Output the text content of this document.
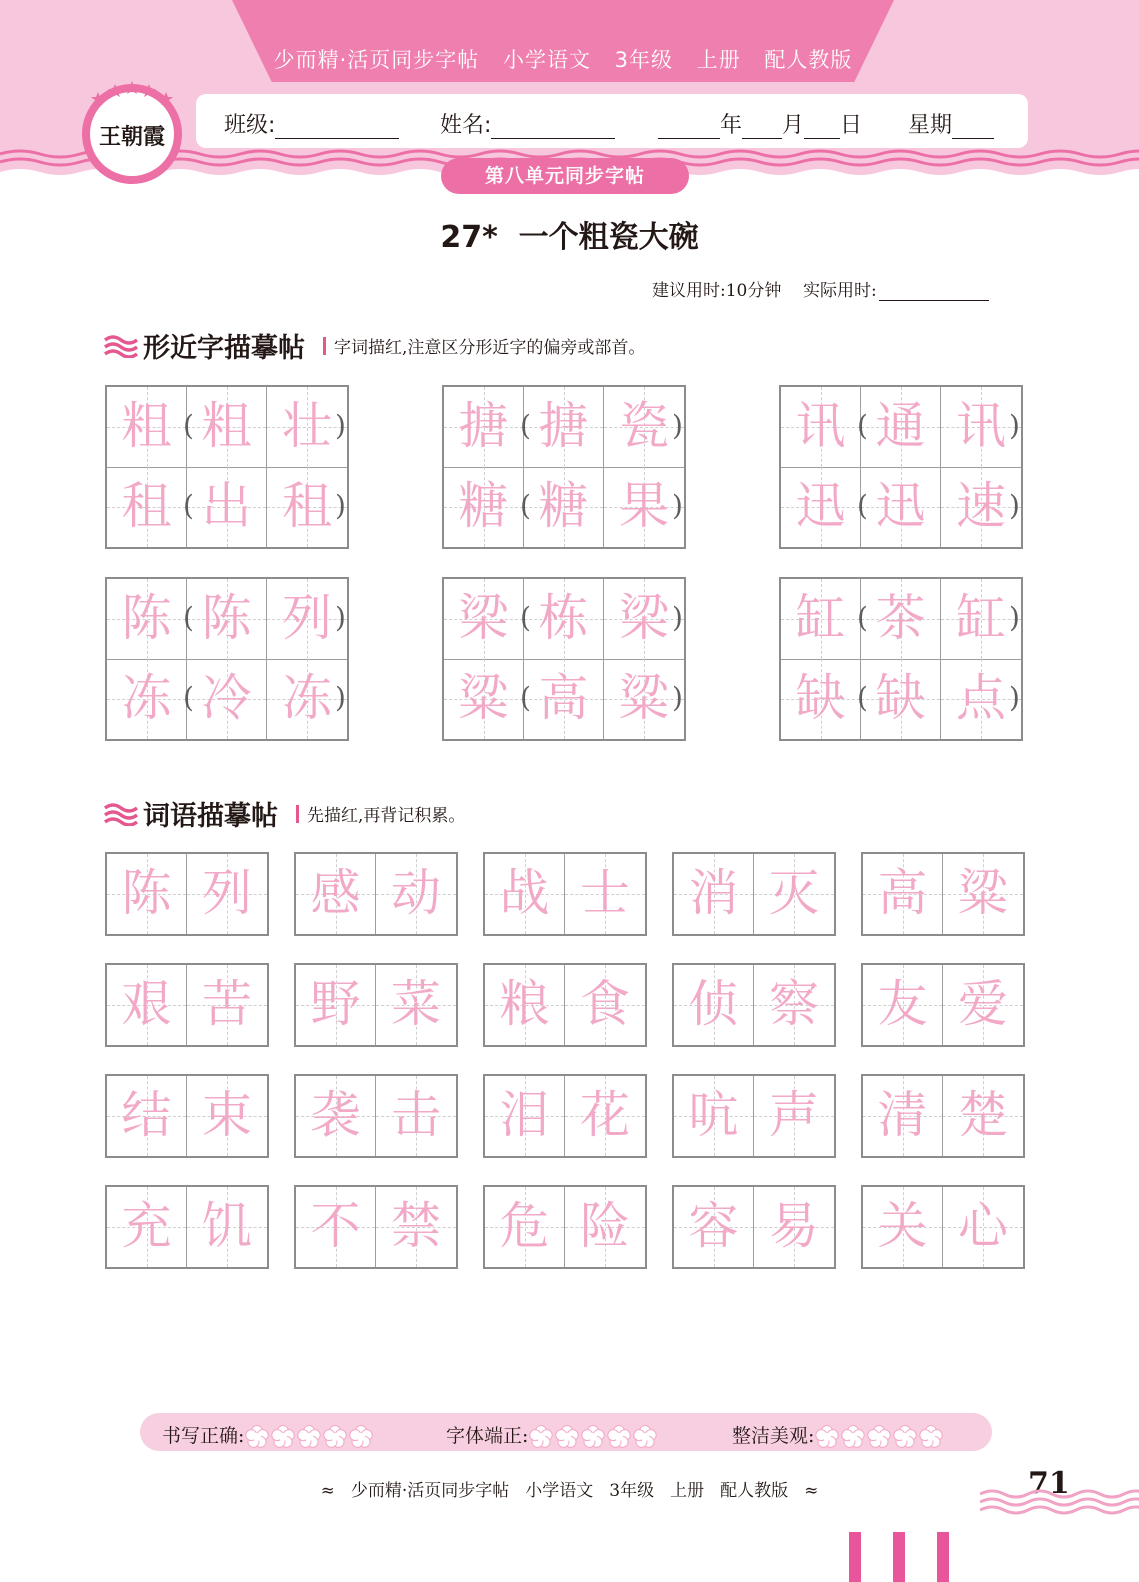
少而精·活页同步字帖 小学语文 3年级 上册 配人教版
王朝霞	班级:	姓名:	年 月 日 星期
第八单元同步字帖
27* 一个粗瓷大碗
建议用时:10分钟 实际用时:
形近字描摹帖 字词描红,注意区分形近字的偏旁或部首。
粗 粗 壮
(	)
租 出 租
(	)
搪 搪 瓷
(	)
糖 糖 果
(	)
讯 通 讯
(	)
迅 迅 速
(	)
陈 陈 列
(	)
冻 冷 冻
(	)
梁 栋 梁
(	)
粱 高 粱
(	)
缸 茶 缸
(	)
缺 缺 点
(	)
词语描摹帖 先描红,再背记积累。
陈 列	感 动	战 士	消 灭	高 粱
艰 苦	野 菜	粮 食	侦 察	友 爱
结 束	袭 击	泪 花	吭 声	清 楚
充 饥	不 禁	危 险	容 易	关 心
书写正确:	字体端正:	整洁美观:
≈ 少而精·活页同步字帖 小学语文 3年级 上册 配人教版 ≈	71
